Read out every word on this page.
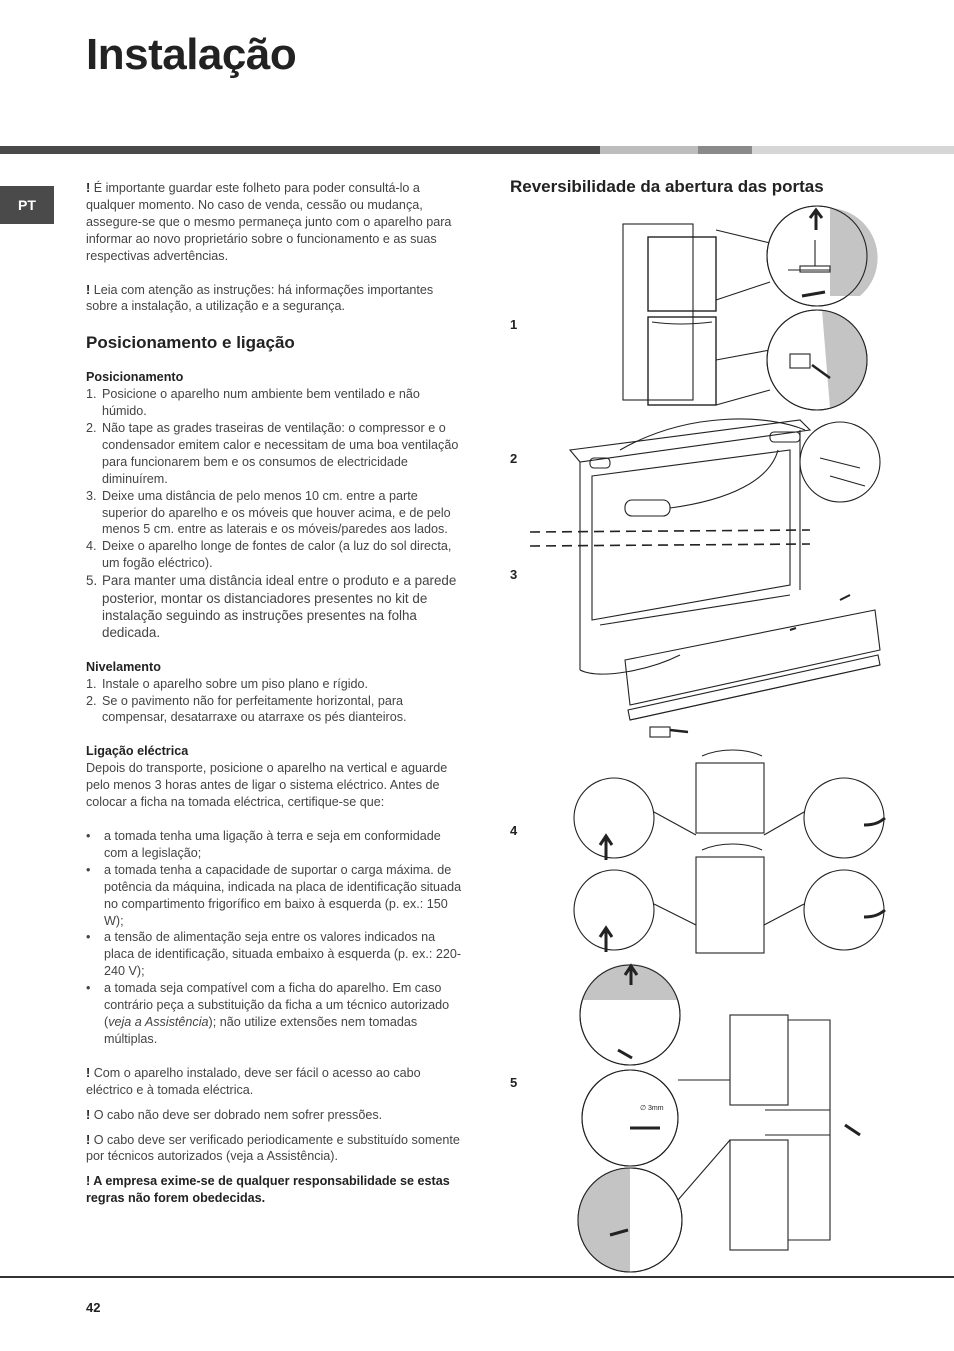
Instalação
PT

! É importante guardar este folheto para poder consultá-lo a qualquer momento. No caso de venda, cessão ou mudança, assegure-se que o mesmo permaneça junto com o aparelho para informar ao novo proprietário sobre o funcionamento e as suas respectivas advertências.

! Leia com atenção as instruções: há informações importantes sobre a instalação, a utilização e a segurança.

Posicionamento e ligação

Posicionamento

1. Posicione o aparelho num ambiente bem ventilado e não húmido.
2. Não tape as grades traseiras de ventilação: o compressor e o condensador emitem calor e necessitam de uma boa ventilação para funcionarem bem e os consumos de electricidade diminuírem.
3. Deixe uma distância de pelo menos 10 cm. entre a parte superior do aparelho e os móveis que houver acima, e de pelo menos 5 cm. entre as laterais e os móveis/paredes aos lados.
4. Deixe o aparelho longe de fontes de calor (a luz do sol directa, um fogão eléctrico).
5. Para manter uma distância ideal entre o produto e a parede posterior, montar os distanciadores presentes no kit de instalação seguindo as instruções presentes na folha dedicada.

Nivelamento

1. Instale o aparelho sobre um piso plano e rígido.
2. Se o pavimento não for perfeitamente horizontal, para compensar, desatarraxe ou atarraxe os pés dianteiros.

Ligação eléctrica

Depois do transporte, posicione o aparelho na vertical e aguarde pelo menos 3 horas antes de ligar o sistema eléctrico. Antes de colocar a ficha na tomada eléctrica, certifique-se que:

• a tomada tenha uma ligação à terra e seja em conformidade com a legislação;
• a tomada tenha a capacidade de suportar o carga máxima. de potência da máquina, indicada na placa de identificação situada no compartimento frigorífico em baixo à esquerda (p. ex.: 150 W);
• a tensão de alimentação seja entre os valores indicados na placa de identificação, situada embaixo à esquerda (p. ex.: 220-240 V);
• a tomada seja compatível com a ficha do aparelho. Em caso contrário peça a substituição da ficha a um técnico autorizado (veja a Assistência); não utilize extensões nem tomadas múltiplas.

! Com o aparelho instalado, deve ser fácil o acesso ao cabo eléctrico e à tomada eléctrica.

! O cabo não deve ser dobrado nem sofrer pressões.

! O cabo deve ser verificado periodicamente e substituído somente por técnicos autorizados (veja a Assistência).

! A empresa exime-se de qualquer responsabilidade se estas regras não forem obedecidas.

Reversibilidade da abertura das portas
1
2
3
4
5
∅ 3mm
42
